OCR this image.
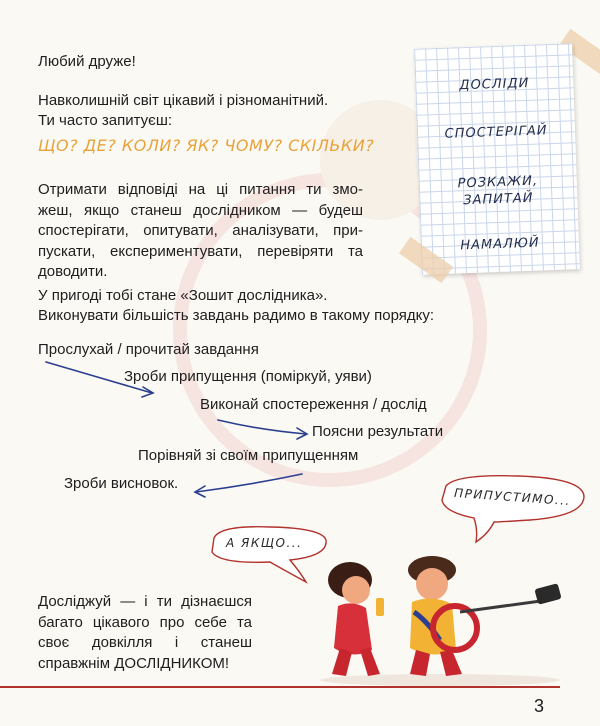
Любий друже!
Навколишній світ цікавий і різноманітний.
Ти часто запитуєш:
ЩО? ДЕ? КОЛИ? ЯК? ЧОМУ? СКІЛЬКИ?
Отримати відповіді на ці питання ти змо-
жеш, якщо станеш дослідником — будеш
спостерігати, опитувати, аналізувати, при-
пускати, експериментувати, перевіряти та
доводити.
У пригоді тобі стане «Зошит дослідника».
Виконувати більшість завдань радимо в такому порядку:
Прослухай / прочитай завдання
Зроби припущення (поміркуй, уяви)
Виконай спостереження / дослід
Поясни результати
Порівняй зі своїм припущенням
Зроби висновок.
ДОСЛІДИ
СПОСТЕРІГАЙ
РОЗКАЖИ,
ЗАПИТАЙ
НАМАЛЮЙ
А ЯКЩО...
ПРИПУСТИМО...
Досліджуй — і ти дізнаєшся
багато цікавого про себе та
своє довкілля і станеш
справжнім ДОСЛІДНИКОМ!
3
